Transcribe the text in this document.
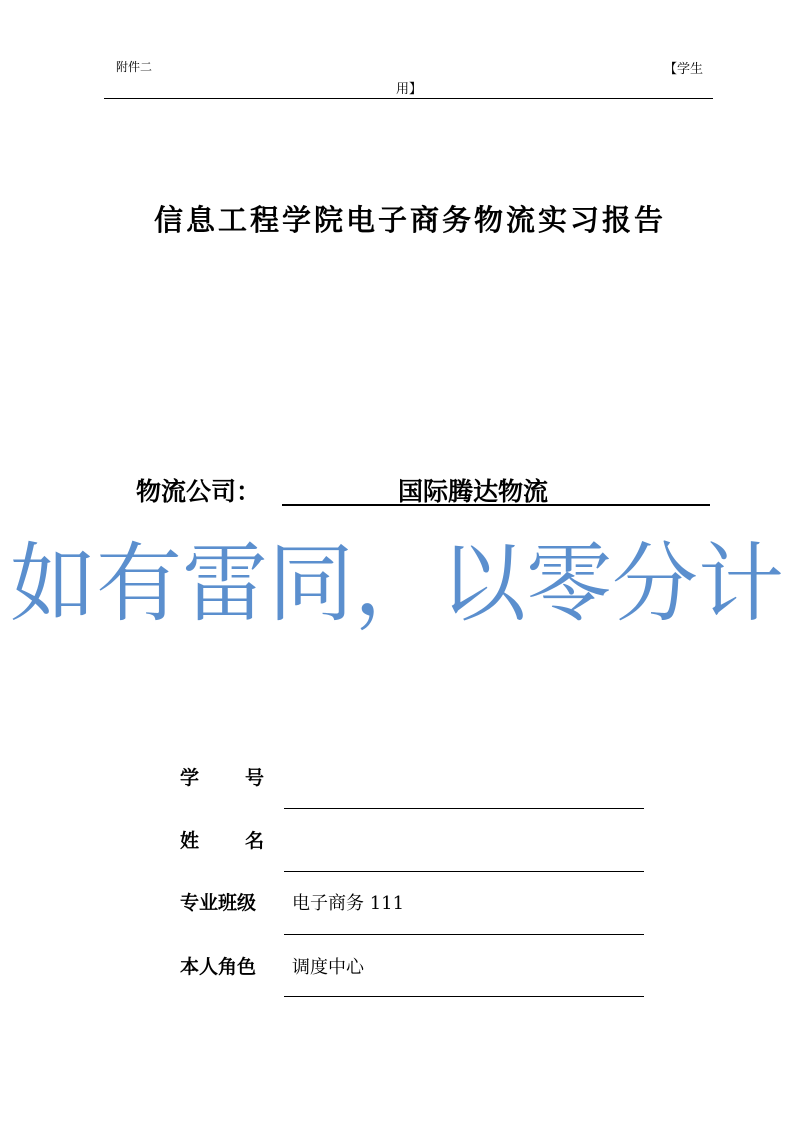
附件二	【学生
用】
信息工程学院电子商务物流实习报告
物流公司：	国际腾达物流
如有雷同，以零分计
学 号
姓 名
专业班级 电子商务 111
本人角色 调度中心
